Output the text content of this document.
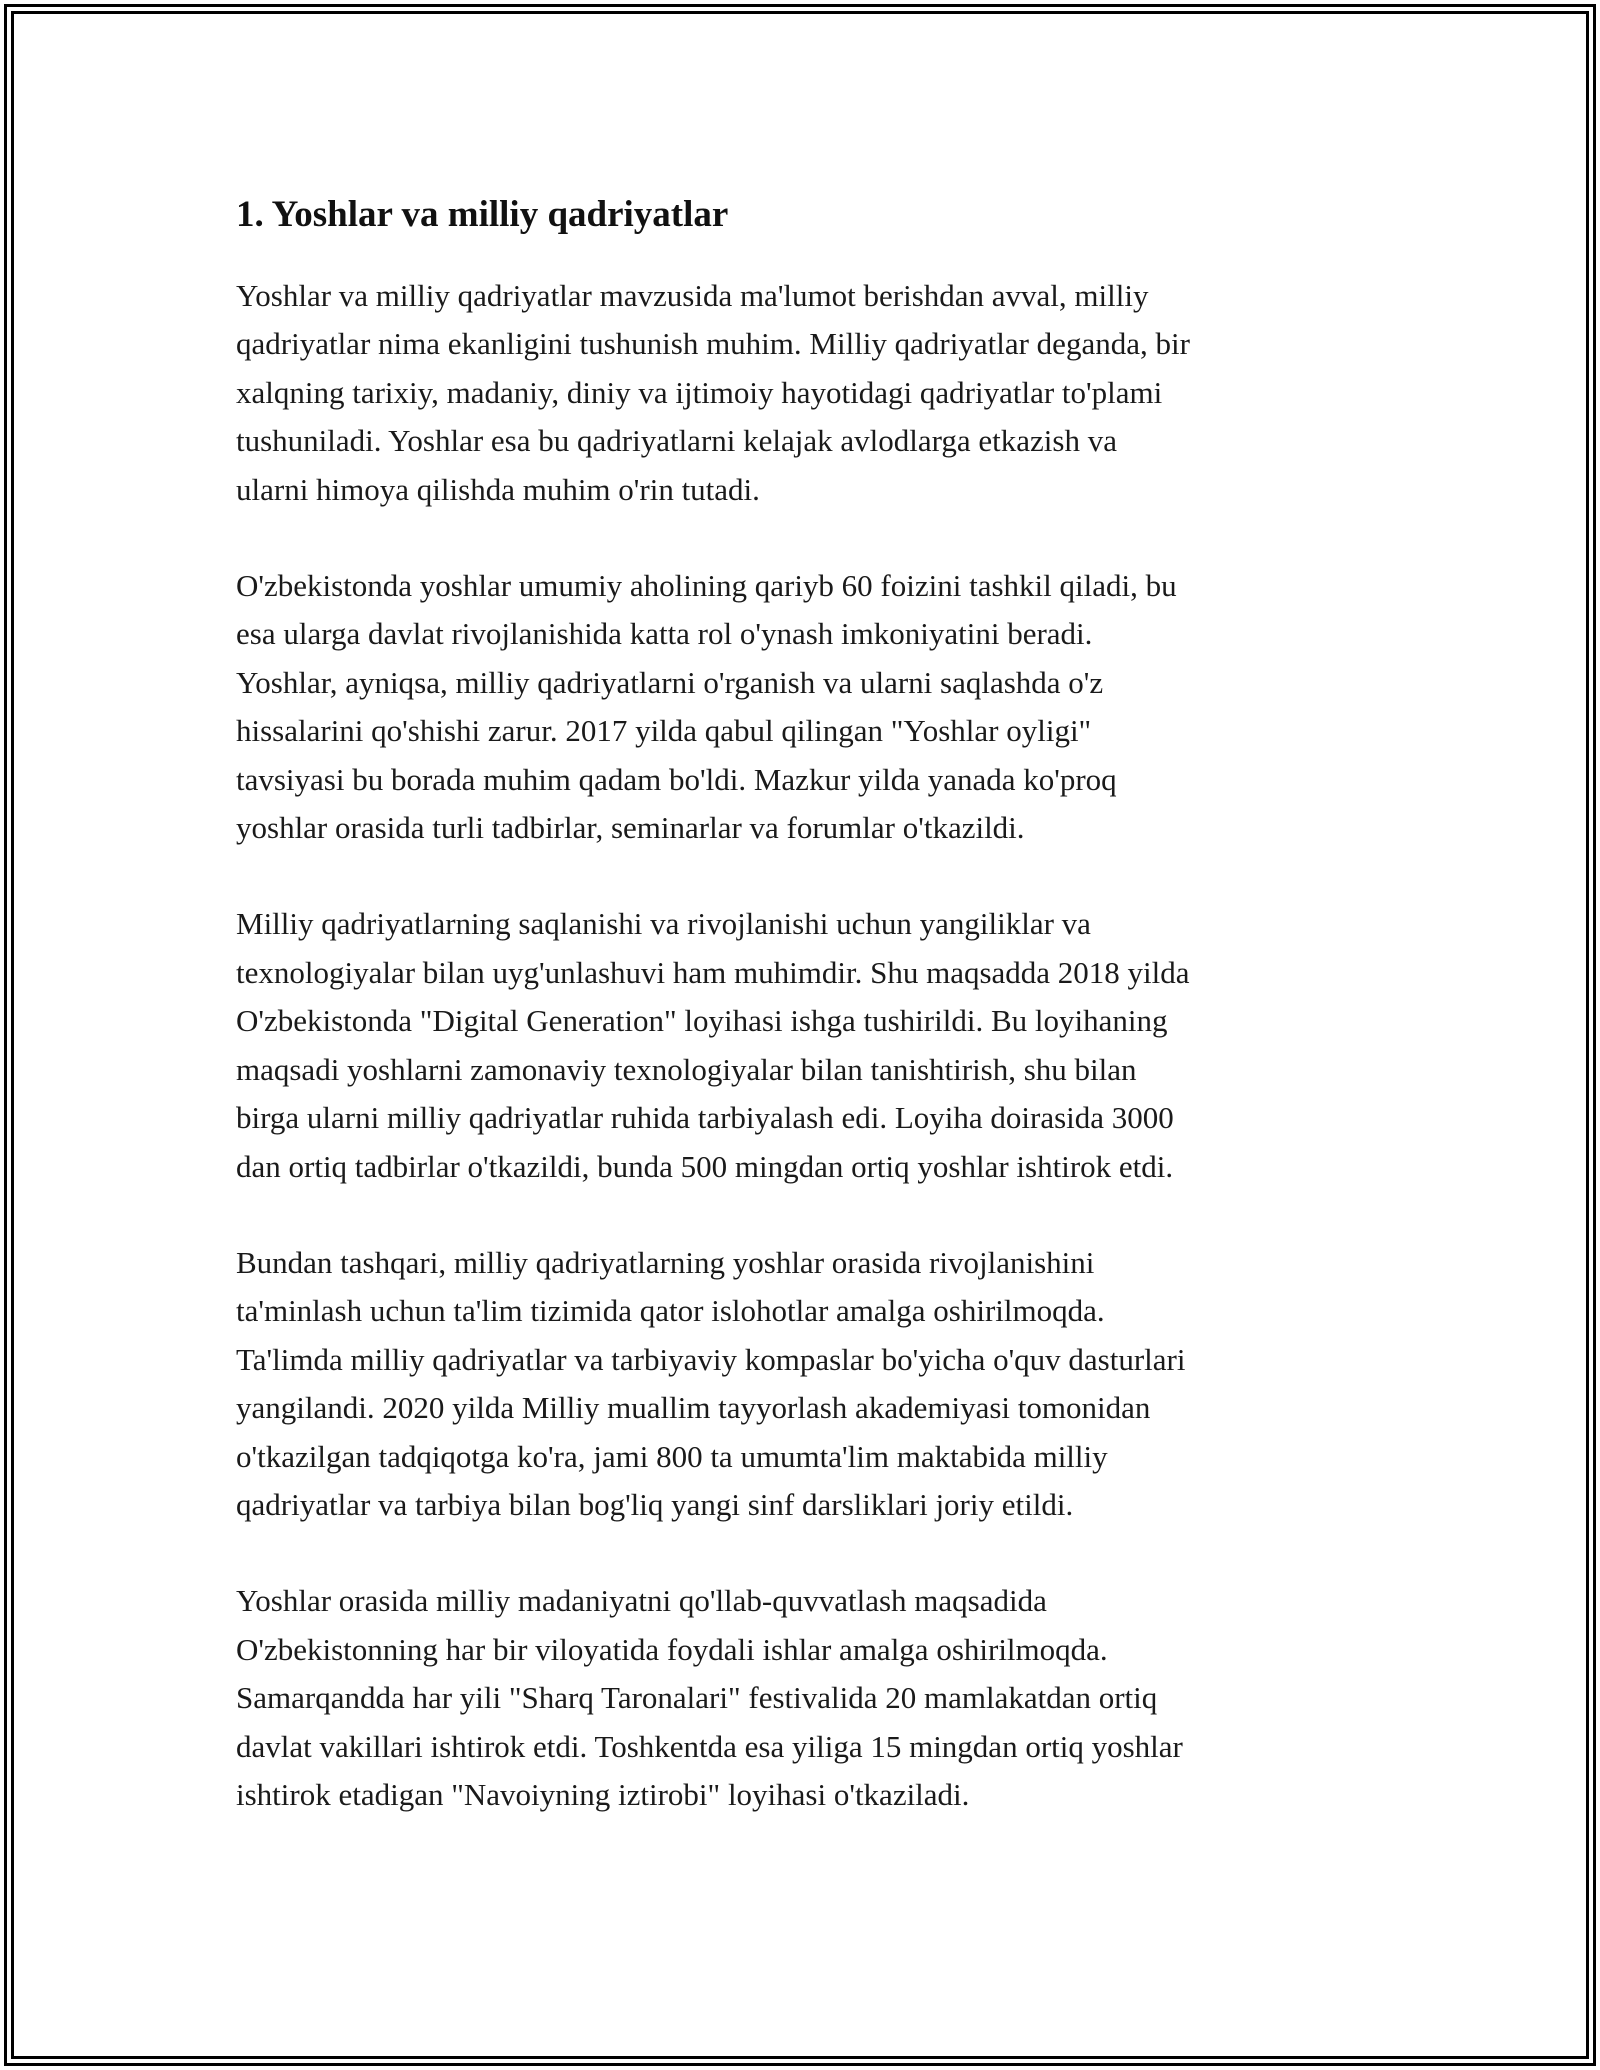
1. Yoshlar va milliy qadriyatlar

Yoshlar va milliy qadriyatlar mavzusida ma'lumot berishdan avval, milliy
qadriyatlar nima ekanligini tushunish muhim. Milliy qadriyatlar deganda, bir
xalqning tarixiy, madaniy, diniy va ijtimoiy hayotidagi qadriyatlar to'plami
tushuniladi. Yoshlar esa bu qadriyatlarni kelajak avlodlarga etkazish va
ularni himoya qilishda muhim o'rin tutadi.

O'zbekistonda yoshlar umumiy aholining qariyb 60 foizini tashkil qiladi, bu
esa ularga davlat rivojlanishida katta rol o'ynash imkoniyatini beradi.
Yoshlar, ayniqsa, milliy qadriyatlarni o'rganish va ularni saqlashda o'z
hissalarini qo'shishi zarur. 2017 yilda qabul qilingan "Yoshlar oyligi"
tavsiyasi bu borada muhim qadam bo'ldi. Mazkur yilda yanada ko'proq
yoshlar orasida turli tadbirlar, seminarlar va forumlar o'tkazildi.

Milliy qadriyatlarning saqlanishi va rivojlanishi uchun yangiliklar va
texnologiyalar bilan uyg'unlashuvi ham muhimdir. Shu maqsadda 2018 yilda
O'zbekistonda "Digital Generation" loyihasi ishga tushirildi. Bu loyihaning
maqsadi yoshlarni zamonaviy texnologiyalar bilan tanishtirish, shu bilan
birga ularni milliy qadriyatlar ruhida tarbiyalash edi. Loyiha doirasida 3000
dan ortiq tadbirlar o'tkazildi, bunda 500 mingdan ortiq yoshlar ishtirok etdi.

Bundan tashqari, milliy qadriyatlarning yoshlar orasida rivojlanishini
ta'minlash uchun ta'lim tizimida qator islohotlar amalga oshirilmoqda.
Ta'limda milliy qadriyatlar va tarbiyaviy kompaslar bo'yicha o'quv dasturlari
yangilandi. 2020 yilda Milliy muallim tayyorlash akademiyasi tomonidan
o'tkazilgan tadqiqotga ko'ra, jami 800 ta umumta'lim maktabida milliy
qadriyatlar va tarbiya bilan bog'liq yangi sinf darsliklari joriy etildi.

Yoshlar orasida milliy madaniyatni qo'llab-quvvatlash maqsadida
O'zbekistonning har bir viloyatida foydali ishlar amalga oshirilmoqda.
Samarqandda har yili "Sharq Taronalari" festivalida 20 mamlakatdan ortiq
davlat vakillari ishtirok etdi. Toshkentda esa yiliga 15 mingdan ortiq yoshlar
ishtirok etadigan "Navoiyning iztirobi" loyihasi o'tkaziladi.
